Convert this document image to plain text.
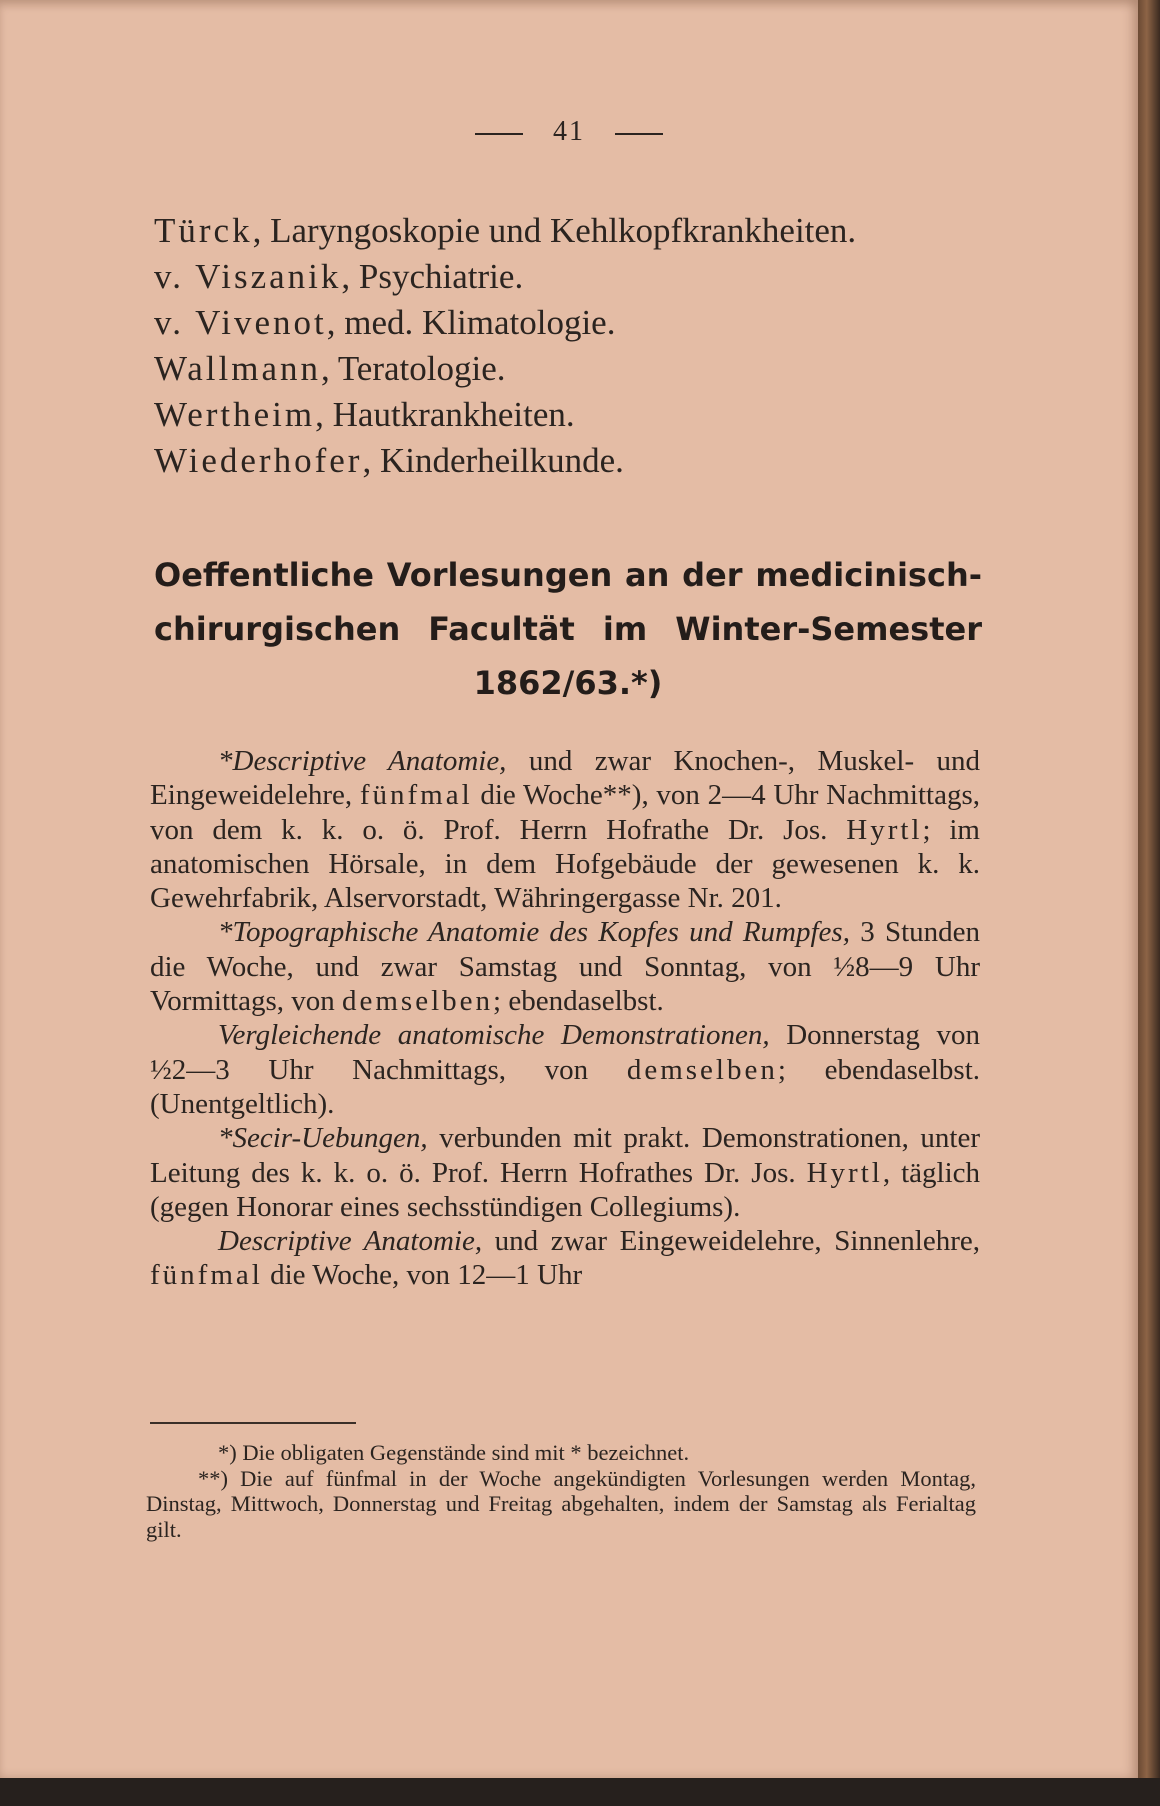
41
Türck, Laryngoskopie und Kehlkopfkrankheiten.
v. Viszanik, Psychiatrie.
v. Vivenot, med. Klimatologie.
Wallmann, Teratologie.
Wertheim, Hautkrankheiten.
Wiederhofer, Kinderheilkunde.
Oeffentliche Vorlesungen an der medicinisch-
chirurgischen Facultät im Winter-Semester
1862/63.*)

*Descriptive Anatomie, und zwar Knochen-, Muskel- und Eingeweidelehre, fünfmal die Woche**), von 2—4 Uhr Nachmittags, von dem k. k. o. ö. Prof. Herrn Hofrathe Dr. Jos. Hyrtl; im anatomischen Hörsale, in dem Hofgebäude der gewesenen k. k. Gewehrfabrik, Alservorstadt, Währingergasse Nr. 201.

*Topographische Anatomie des Kopfes und Rumpfes, 3 Stunden die Woche, und zwar Samstag und Sonntag, von ½8—9 Uhr Vormittags, von demselben; ebendaselbst.

Vergleichende anatomische Demonstrationen, Donnerstag von ½2—3 Uhr Nachmittags, von demselben; ebendaselbst. (Unentgeltlich).

*Secir-Uebungen, verbunden mit prakt. Demonstrationen, unter Leitung des k. k. o. ö. Prof. Herrn Hofrathes Dr. Jos. Hyrtl, täglich (gegen Honorar eines sechsstündigen Collegiums).

Descriptive Anatomie, und zwar Eingeweidelehre, Sinnenlehre, fünfmal die Woche, von 12—1 Uhr

*) Die obligaten Gegenstände sind mit * bezeichnet.

**) Die auf fünfmal in der Woche angekündigten Vorlesungen werden Montag, Dinstag, Mittwoch, Donnerstag und Freitag abgehalten, indem der Samstag als Ferialtag gilt.
